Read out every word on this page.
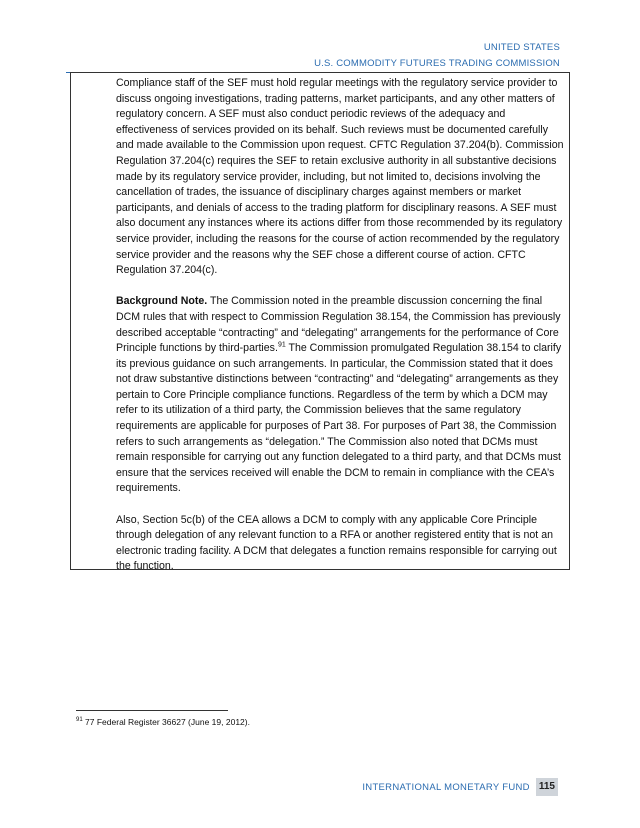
UNITED STATES
U.S. COMMODITY FUTURES TRADING COMMISSION

Compliance staff of the SEF must hold regular meetings with the regulatory service provider to discuss ongoing investigations, trading patterns, market participants, and any other matters of regulatory concern. A SEF must also conduct periodic reviews of the adequacy and effectiveness of services provided on its behalf. Such reviews must be documented carefully and made available to the Commission upon request. CFTC Regulation 37.204(b). Commission Regulation 37.204(c) requires the SEF to retain exclusive authority in all substantive decisions made by its regulatory service provider, including, but not limited to, decisions involving the cancellation of trades, the issuance of disciplinary charges against members or market participants, and denials of access to the trading platform for disciplinary reasons. A SEF must also document any instances where its actions differ from those recommended by its regulatory service provider, including the reasons for the course of action recommended by the regulatory service provider and the reasons why the SEF chose a different course of action. CFTC Regulation 37.204(c).

Background Note. The Commission noted in the preamble discussion concerning the final DCM rules that with respect to Commission Regulation 38.154, the Commission has previously described acceptable “contracting” and “delegating” arrangements for the performance of Core Principle functions by third-parties.$^{91}$ The Commission promulgated Regulation 38.154 to clarify its previous guidance on such arrangements. In particular, the Commission stated that it does not draw substantive distinctions between “contracting” and “delegating” arrangements as they pertain to Core Principle compliance functions. Regardless of the term by which a DCM may refer to its utilization of a third party, the Commission believes that the same regulatory requirements are applicable for purposes of Part 38. For purposes of Part 38, the Commission refers to such arrangements as “delegation.” The Commission also noted that DCMs must remain responsible for carrying out any function delegated to a third party, and that DCMs must ensure that the services received will enable the DCM to remain in compliance with the CEA’s requirements.

Also, Section 5c(b) of the CEA allows a DCM to comply with any applicable Core Principle through delegation of any relevant function to a RFA or another registered entity that is not an electronic trading facility. A DCM that delegates a function remains responsible for carrying out the function.

$^{91}$ 77 Federal Register 36627 (June 19, 2012).
INTERNATIONAL MONETARY FUND 115
